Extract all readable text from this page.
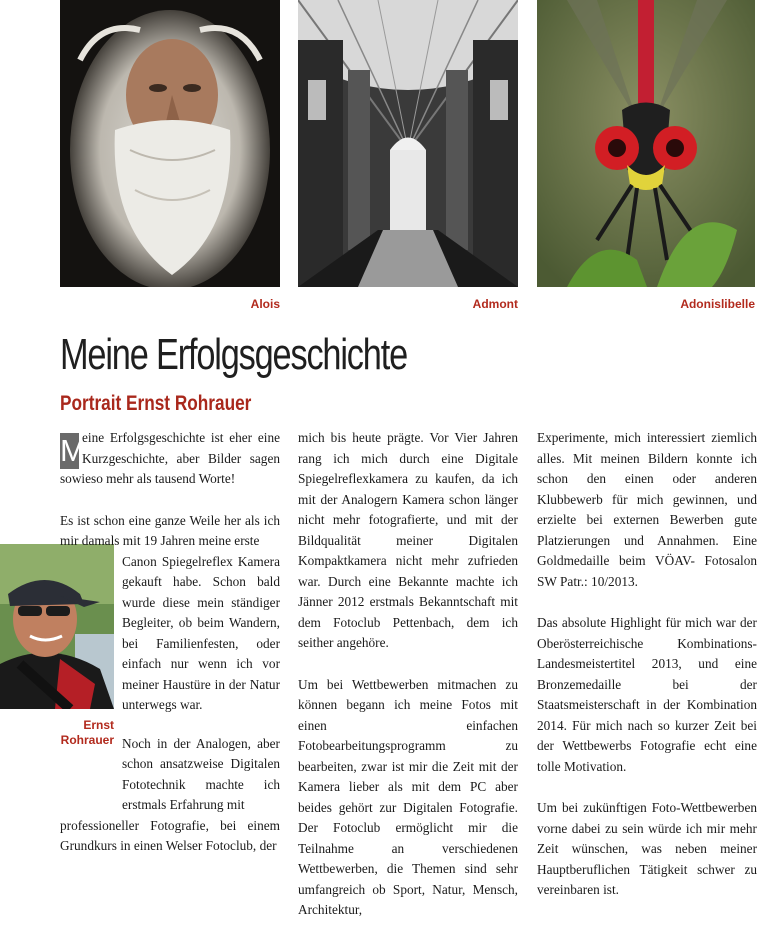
Alois	Admont	Adonislibelle
Meine Erfolgsgeschichte
Portrait Ernst Rohrauer
Ernst
Rohrauer

M
eine Erfolgsgeschichte ist eher eine Kurzgeschichte, aber Bilder sagen sowieso mehr als tausend Worte!

Es ist schon eine ganze Weile her als ich mir damals mit 19 Jahren meine erste
Canon Spiegelreflex Kamera gekauft habe. Schon bald wurde diese mein ständiger Begleiter, ob beim Wandern, bei Familienfesten, oder einfach nur wenn ich vor meiner Haustüre in der Natur unterwegs war.

Noch in der Analogen, aber schon ansatzweise Digitalen Fototechnik machte ich erstmals Erfahrung mit
professioneller Fotografie, bei einem Grundkurs in einen Welser Fotoclub, der

mich bis heute prägte. Vor Vier Jahren rang ich mich durch eine Digitale Spiegelreflexkamera zu kaufen, da ich mit der Analogern Kamera schon länger nicht mehr fotografierte, und mit der Bildqualität meiner Digitalen Kompaktkamera nicht mehr zufrieden war. Durch eine Bekannte machte ich Jänner 2012 erstmals Bekanntschaft mit dem Fotoclub Pettenbach, dem ich seither angehöre.

Um bei Wettbewerben mitmachen zu können begann ich meine Fotos mit einen einfachen Fotobearbeitungsprogramm zu bearbeiten, zwar ist mir die Zeit mit der Kamera lieber als mit dem PC aber beides gehört zur Digitalen Fotografie. Der Fotoclub ermöglicht mir die Teilnahme an verschiedenen Wettbewerben, die Themen sind sehr umfangreich ob Sport, Natur, Mensch, Architektur,

Experimente, mich interessiert ziemlich alles. Mit meinen Bildern konnte ich schon den einen oder anderen Klubbewerb für mich gewinnen, und erzielte bei externen Bewerben gute Platzierungen und Annahmen. Eine Goldmedaille beim VÖAV- Fotosalon SW Patr.: 10/2013.

Das absolute Highlight für mich war der Oberösterreichische Kombinations-Landesmeistertitel 2013, und eine Bronzemedaille bei der Staatsmeisterschaft in der Kombination 2014. Für mich nach so kurzer Zeit bei der Wettbewerbs Fotografie echt eine tolle Motivation.

Um bei zukünftigen Foto-Wettbewerben vorne dabei zu sein würde ich mir mehr Zeit wünschen, was neben meiner Hauptberuflichen Tätigkeit schwer zu vereinbaren ist.
